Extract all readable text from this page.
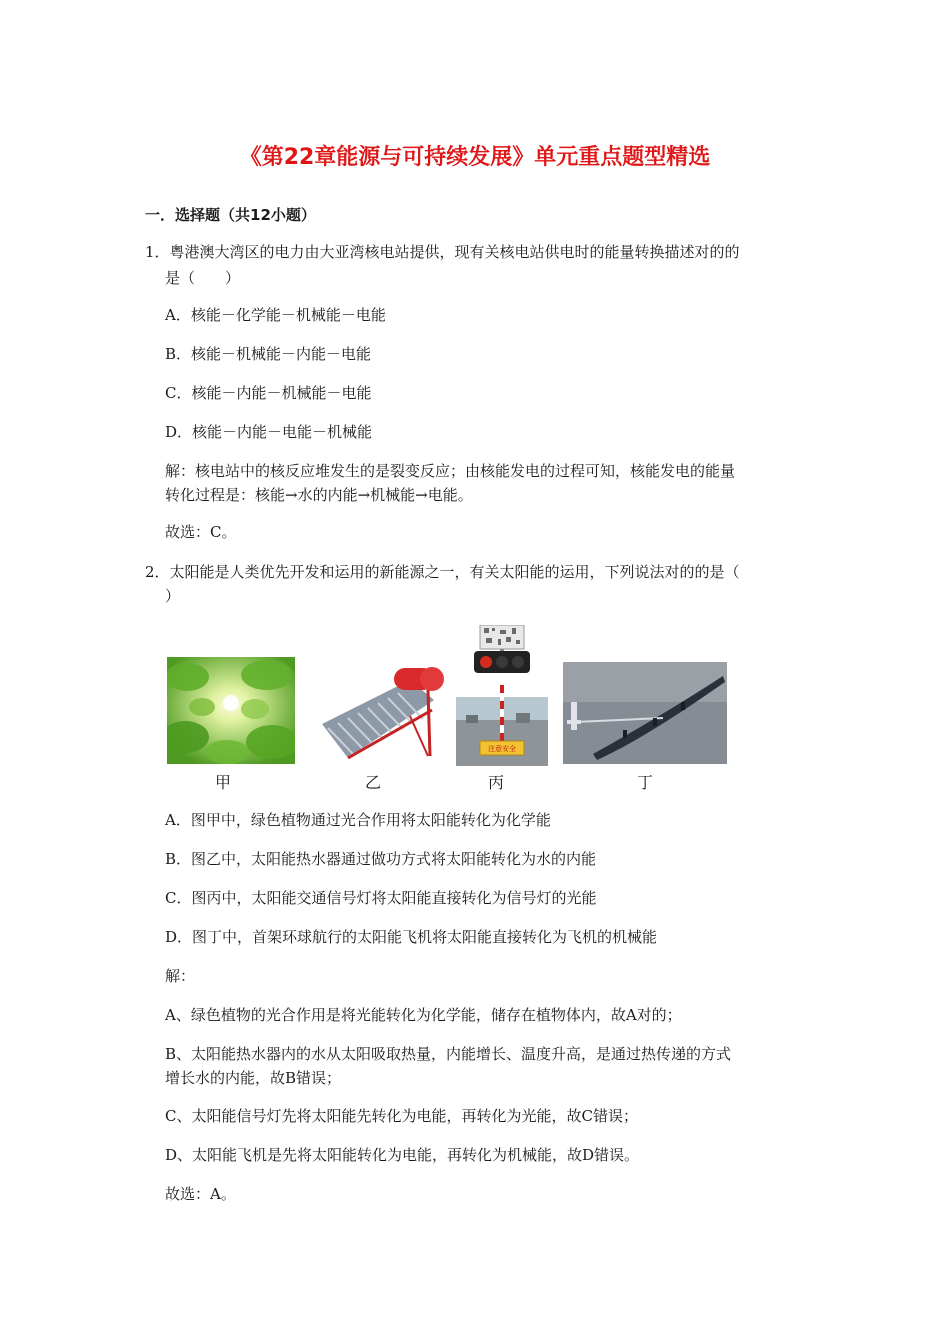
《第22章能源与可持续发展》单元重点题型精选
一．选择题（共12小题）
1．粤港澳大湾区的电力由大亚湾核电站提供，现有关核电站供电时的能量转换描述对的的
是（　　）
A．核能－化学能－机械能－电能
B．核能－机械能－内能－电能
C．核能－内能－机械能－电能
D．核能－内能－电能－机械能
解：核电站中的核反应堆发生的是裂变反应；由核能发电的过程可知，核能发电的能量
转化过程是：核能→水的内能→机械能→电能。
故选：C。
2．太阳能是人类优先开发和运用的新能源之一，有关太阳能的运用，下列说法对的的是（
）
注意安全
甲	乙	丙	丁
A．图甲中，绿色植物通过光合作用将太阳能转化为化学能
B．图乙中，太阳能热水器通过做功方式将太阳能转化为水的内能
C．图丙中，太阳能交通信号灯将太阳能直接转化为信号灯的光能
D．图丁中，首架环球航行的太阳能飞机将太阳能直接转化为飞机的机械能
解：
A、绿色植物的光合作用是将光能转化为化学能，储存在植物体内，故A对的；
B、太阳能热水器内的水从太阳吸取热量，内能增长、温度升高，是通过热传递的方式
增长水的内能，故B错误；
C、太阳能信号灯先将太阳能先转化为电能，再转化为光能，故C错误；
D、太阳能飞机是先将太阳能转化为电能，再转化为机械能，故D错误。
故选：A。
